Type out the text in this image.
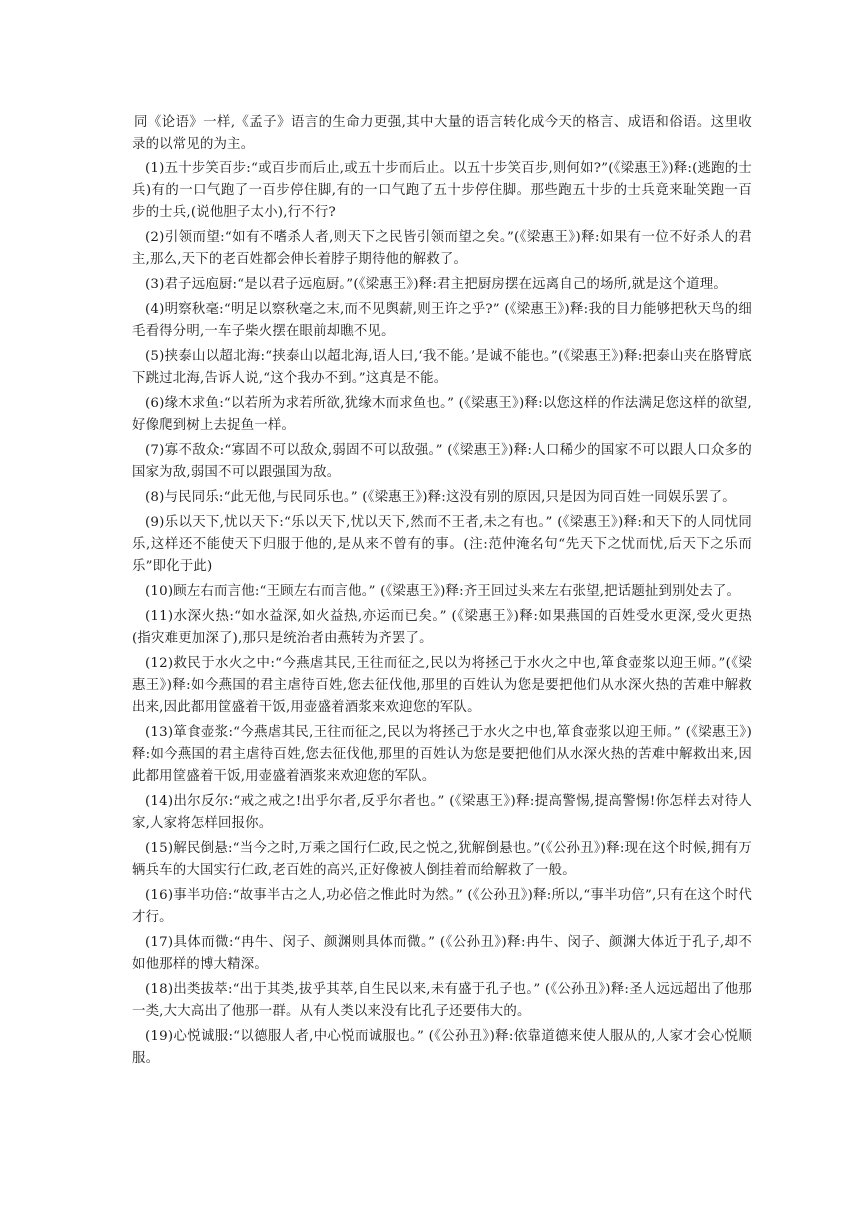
同《论语》一样,《孟子》语言的生命力更强,其中大量的语言转化成今天的格言、成语和俗语。这里收录的以常见的为主。

(1)五十步笑百步:“或百步而后止,或五十步而后止。以五十步笑百步,则何如?”(《梁惠王》)释:(逃跑的士兵)有的一口气跑了一百步停住脚,有的一口气跑了五十步停住脚。那些跑五十步的士兵竟来耻笑跑一百步的士兵,(说他胆子太小),行不行?

(2)引领而望:“如有不嗜杀人者,则天下之民皆引领而望之矣。”(《梁惠王》)释:如果有一位不好杀人的君主,那么,天下的老百姓都会伸长着脖子期待他的解救了。

(3)君子远庖厨:“是以君子远庖厨。”(《梁惠王》)释:君主把厨房摆在远离自己的场所,就是这个道理。

(4)明察秋毫:“明足以察秋毫之末,而不见舆薪,则王许之乎?” (《梁惠王》)释:我的目力能够把秋天鸟的细毛看得分明,一车子柴火摆在眼前却瞧不见。

(5)挟泰山以超北海:“挟泰山以超北海,语人曰,‘我不能。’是诚不能也。”(《梁惠王》)释:把泰山夹在胳臂底下跳过北海,告诉人说,“这个我办不到。”这真是不能。

(6)缘木求鱼:“以若所为求若所欲,犹缘木而求鱼也。” (《梁惠王》)释:以您这样的作法满足您这样的欲望,好像爬到树上去捉鱼一样。

(7)寡不敌众:“寡固不可以敌众,弱固不可以敌强。” (《梁惠王》)释:人口稀少的国家不可以跟人口众多的国家为敌,弱国不可以跟强国为敌。

(8)与民同乐:“此无他,与民同乐也。” (《梁惠王》)释:这没有别的原因,只是因为同百姓一同娱乐罢了。

(9)乐以天下,忧以天下:“乐以天下,忧以天下,然而不王者,未之有也。” (《梁惠王》)释:和天下的人同忧同乐,这样还不能使天下归服于他的,是从来不曾有的事。(注:范仲淹名句“先天下之忧而忧,后天下之乐而乐”即化于此)

(10)顾左右而言他:“王顾左右而言他。” (《梁惠王》)释:齐王回过头来左右张望,把话题扯到别处去了。

(11)水深火热:“如水益深,如火益热,亦运而已矣。” (《梁惠王》)释:如果燕国的百姓受水更深,受火更热(指灾难更加深了),那只是统治者由燕转为齐罢了。

(12)救民于水火之中:“今燕虐其民,王往而征之,民以为将拯己于水火之中也,箪食壶浆以迎王师。”(《梁惠王》)释:如今燕国的君主虐待百姓,您去征伐他,那里的百姓认为您是要把他们从水深火热的苦难中解救出来,因此都用筐盛着干饭,用壶盛着酒浆来欢迎您的军队。

(13)箪食壶浆:“今燕虐其民,王往而征之,民以为将拯己于水火之中也,箪食壶浆以迎王师。” (《梁惠王》)释:如今燕国的君主虐待百姓,您去征伐他,那里的百姓认为您是要把他们从水深火热的苦难中解救出来,因此都用筐盛着干饭,用壶盛着酒浆来欢迎您的军队。

(14)出尔反尔:“戒之戒之!出乎尔者,反乎尔者也。” (《梁惠王》)释:提高警惕,提高警惕!你怎样去对待人家,人家将怎样回报你。

(15)解民倒悬:“当今之时,万乘之国行仁政,民之悦之,犹解倒悬也。”(《公孙丑》)释:现在这个时候,拥有万辆兵车的大国实行仁政,老百姓的高兴,正好像被人倒挂着而给解救了一般。

(16)事半功倍:“故事半古之人,功必倍之惟此时为然。” (《公孙丑》)释:所以,“事半功倍”,只有在这个时代才行。

(17)具体而微:“冉牛、闵子、颜渊则具体而微。” (《公孙丑》)释:冉牛、闵子、颜渊大体近于孔子,却不如他那样的博大精深。

(18)出类拔萃:“出于其类,拔乎其萃,自生民以来,未有盛于孔子也。” (《公孙丑》)释:圣人远远超出了他那一类,大大高出了他那一群。从有人类以来没有比孔子还要伟大的。

(19)心悦诚服:“以德服人者,中心悦而诚服也。” (《公孙丑》)释:依靠道德来使人服从的,人家才会心悦顺服。
